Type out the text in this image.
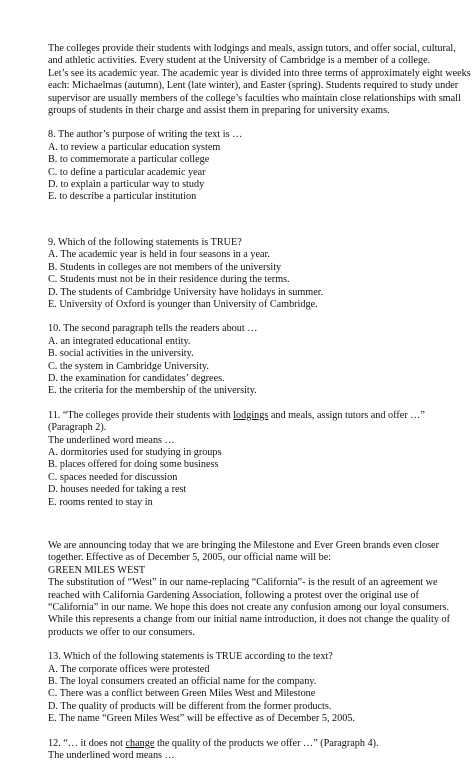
The colleges provide their students with lodgings and meals, assign tutors, and offer social, cultural,
and athletic activities. Every student at the University of Cambridge is a member of a college.
Let’s see its academic year. The academic year is divided into three terms of approximately eight weeks
each: Michaelmas (autumn), Lent (late winter), and Easter (spring). Students required to study under
supervisor are usually members of the college’s faculties who maintain close relationships with small
groups of students in their charge and assist them in preparing for university exams.
8. The author’s purpose of writing the text is …
A. to review a particular education system
B. to commemorate a particular college
C. to define a particular academic year
D. to explain a particular way to study
E. to describe a particular institution
9. Which of the following statements is TRUE?
A. The academic year is held in four seasons in a year.
B. Students in colleges are not members of the university
C. Students must not be in their residence during the terms.
D. The students of Cambridge University have holidays in summer.
E. University of Oxford is younger than University of Cambridge.
10. The second paragraph tells the readers about …
A. an integrated educational entity.
B. social activities in the university.
C. the system in Cambridge University.
D. the examination for candidates’ degrees.
E. the criteria for the membership of the university.
11. “The colleges provide their students with lodgings and meals, assign tutors and offer …”
(Paragraph 2).
The underlined word means …
A. dormitories used for studying in groups
B. places offered for doing some business
C. spaces needed for discussion
D. houses needed for taking a rest
E. rooms rented to stay in
We are announcing today that we are bringing the Milestone and Ever Green brands even closer
together. Effective as of December 5, 2005, our official name will be:
GREEN MILES WEST
The substitution of “West” in our name-replacing “California”- is the result of an agreement we
reached with California Gardening Association, following a protest over the original use of
“California” in our name. We hope this does not create any confusion among our loyal consumers.
While this represents a change from our initial name introduction, it does not change the quality of
products we offer to our consumers.
13. Which of the following statements is TRUE according to the text?
A. The corporate offices were protested
B. The loyal consumers created an official name for the company.
C. There was a conflict between Green Miles West and Milestone
D. The quality of products will be different from the former products.
E. The name “Green Miles West” will be effective as of December 5, 2005.
12. “… it does not change the quality of the products we offer …” (Paragraph 4).
The underlined word means …
